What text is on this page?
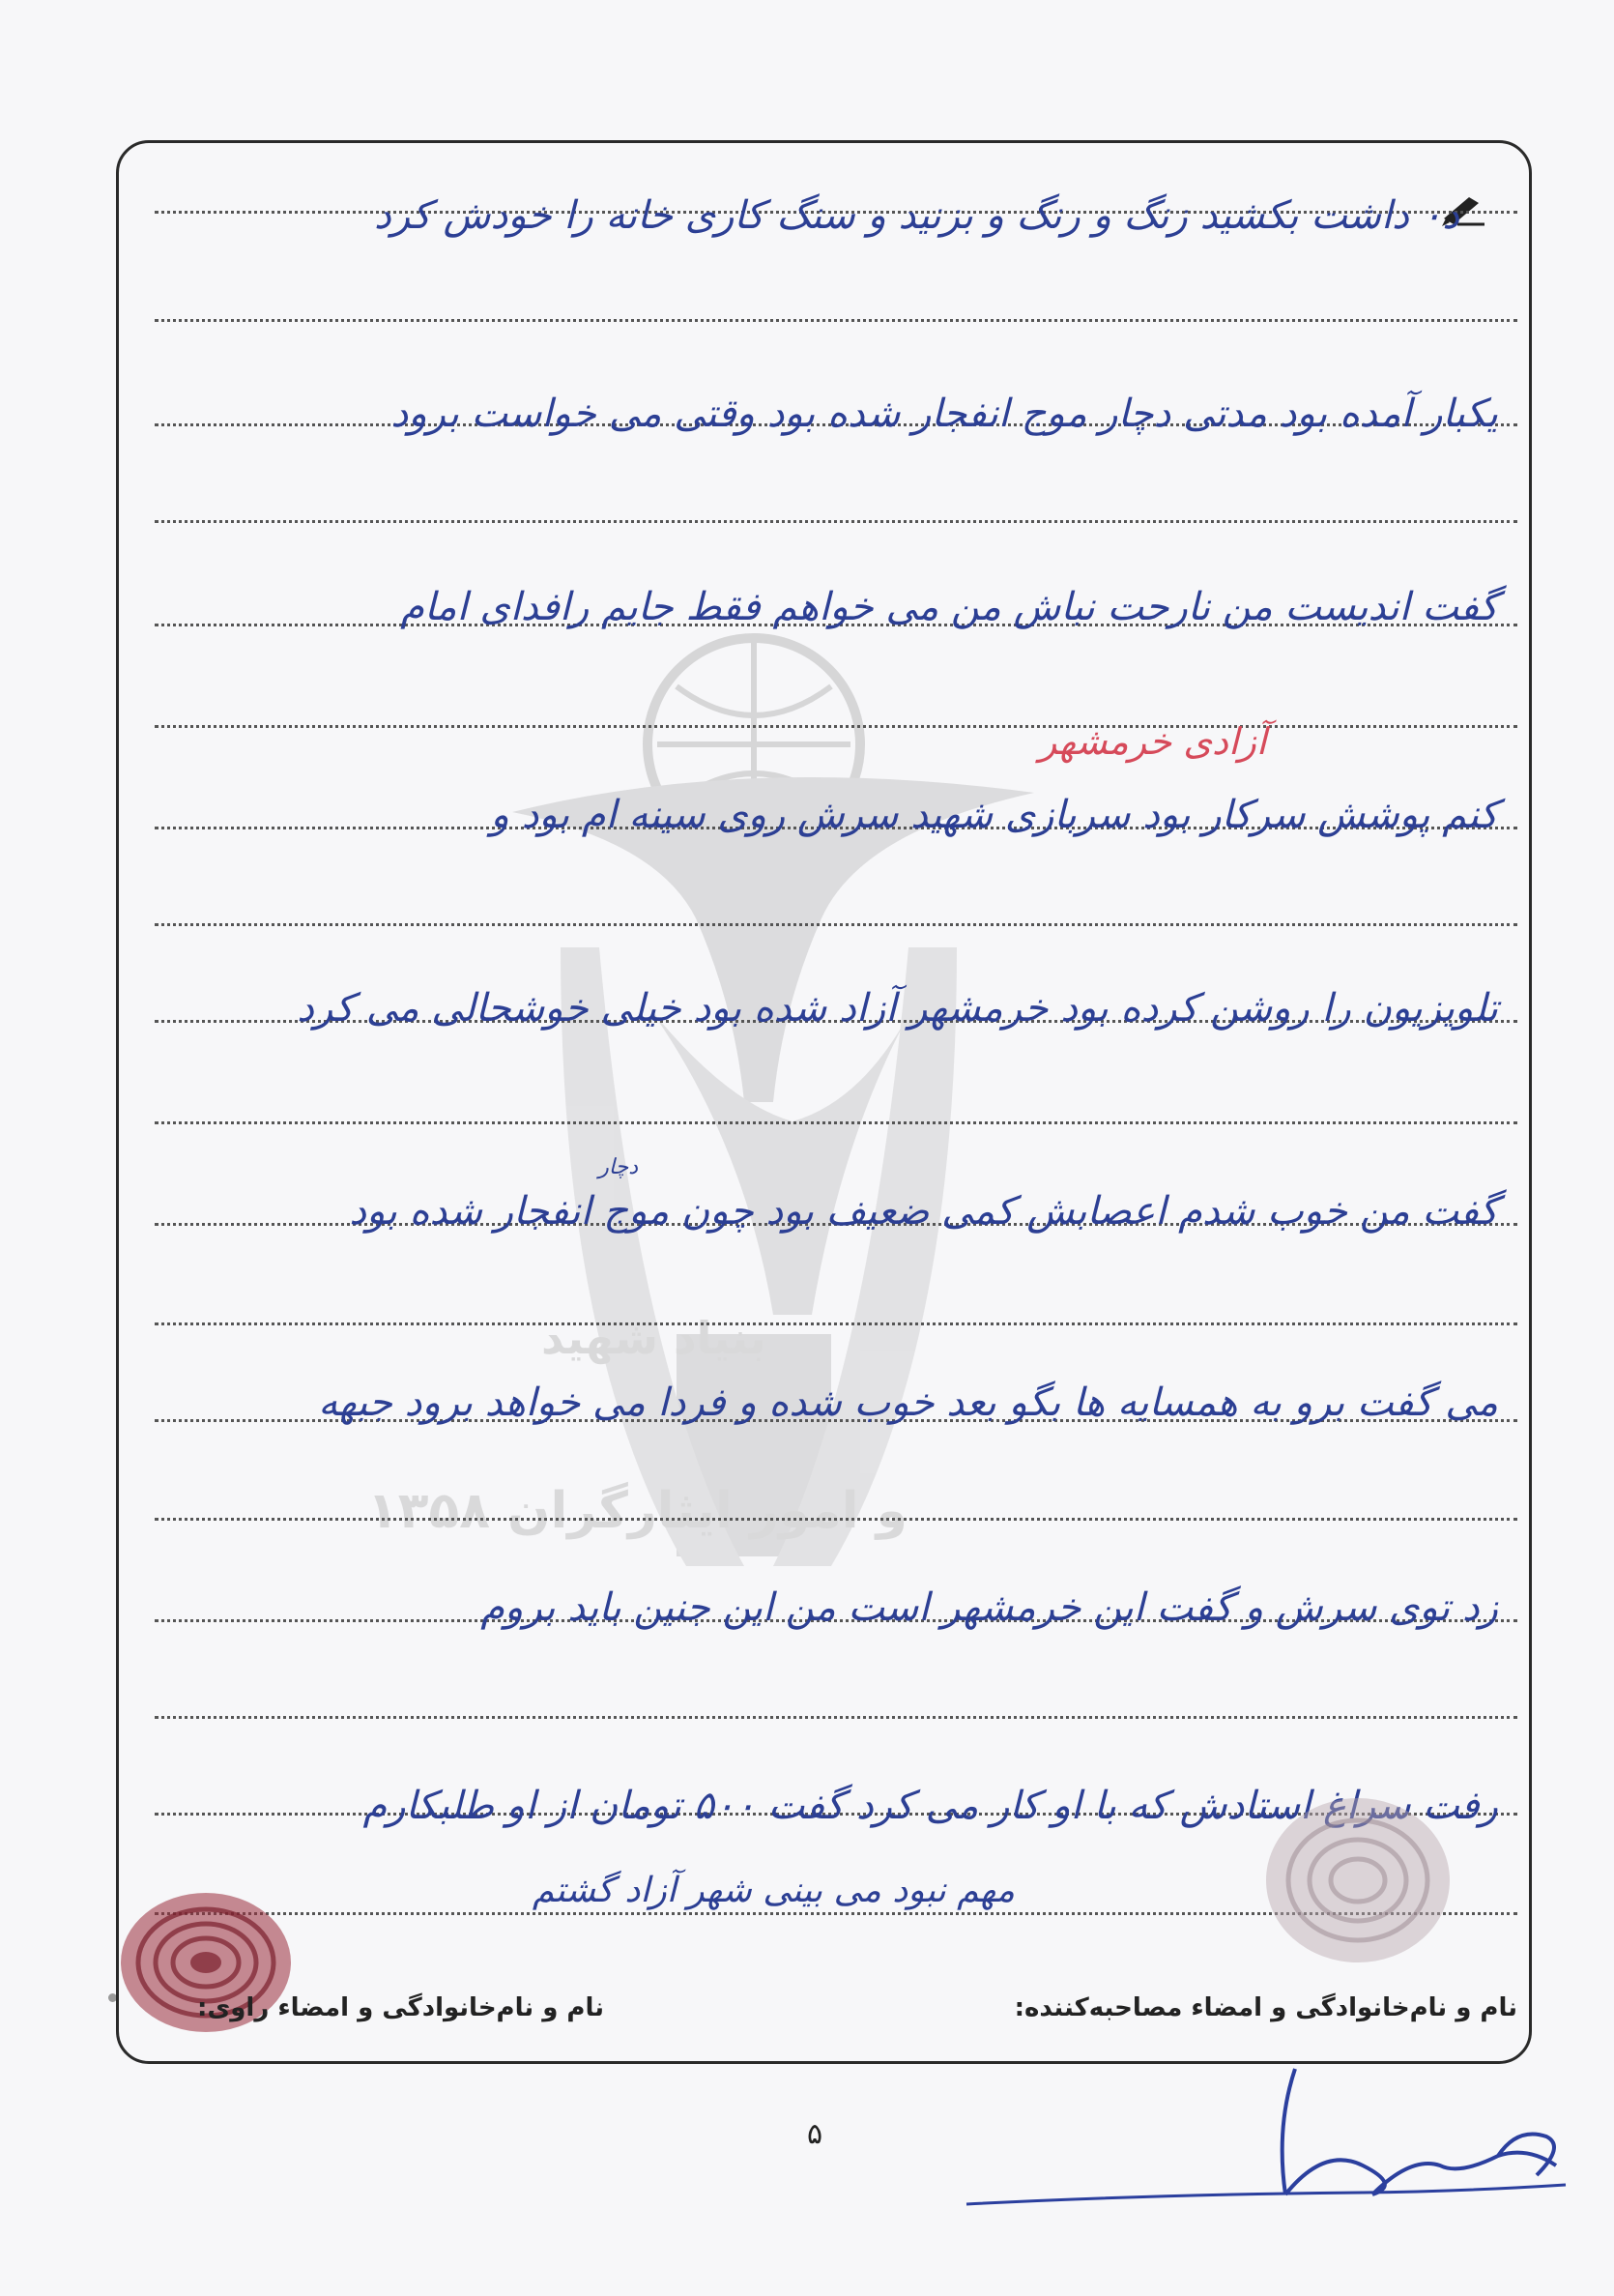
بنیاد شهید
۱۳۵۸ و امور ایثارگران
د۰ داشت بکشید زنگ و رنگ و بزنید و سنگ کاری خانه را خودش کرد
یکبار آمده بود مدتی دچار موج انفجار شده بود وقتی می خواست برود
گفت اندیست من نارحت نباش من می خواهم فقط جایم رافدای امام
آزادی خرمشهر
کنم پوشش سرکار بود سربازی شهید سرش روی سینه ام بود و
تلویزیون را روشن کرده بود خرمشهر آزاد شده بود خیلی خوشحالی می کرد
دچار
گفت من خوب شدم اعصابش کمی ضعیف بود چون موج انفجار شده بود
می گفت برو به همسایه ها بگو بعد خوب شده و فردا می خواهد برود جبهه
زد توی سرش و گفت این خرمشهر است من این جنین باید بروم
رفت سراغ استادش که با او کار می کرد گفت ۵۰۰ تومان از او طلبکارم
مهم نبود می بینی شهر آزاد گشتم
نام و نام‌خانوادگی و امضاء مصاحبه‌کننده:
نام و نام‌خانوادگی و امضاء راوی:
۵
